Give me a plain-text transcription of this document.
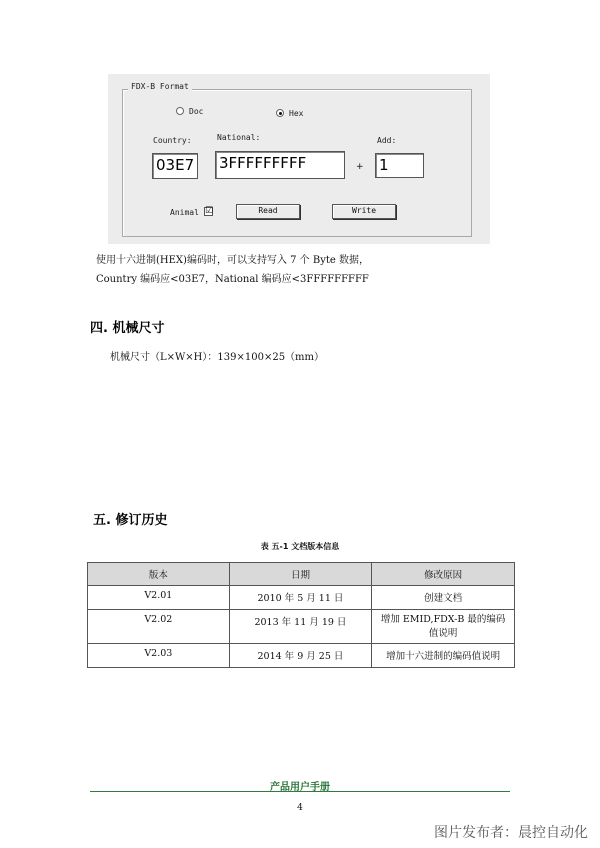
FDX-B Format
Doc	Hex
Country:	National:	Add:
03E7 3FFFFFFFFF	+ 1
Animal ☑	Read	Write
使用十六进制(HEX)编码时，可以支持写入 7 个 Byte 数据，
Country 编码应<03E7，National 编码应<3FFFFFFFFF
四. 机械尺寸
机械尺寸（L×W×H）：139×100×25（mm）
五. 修订历史
表 五-1 文档版本信息
版本	日期	修改原因
V2.01	2010 年 5 月 11 日	创建文档
V2.02	2013 年 11 月 19 日	增加 EMID,FDX-B 最的编码值说明
V2.03	2014 年 9 月 25 日	增加十六进制的编码值说明
产品用户手册
4
图片发布者：晨控自动化
